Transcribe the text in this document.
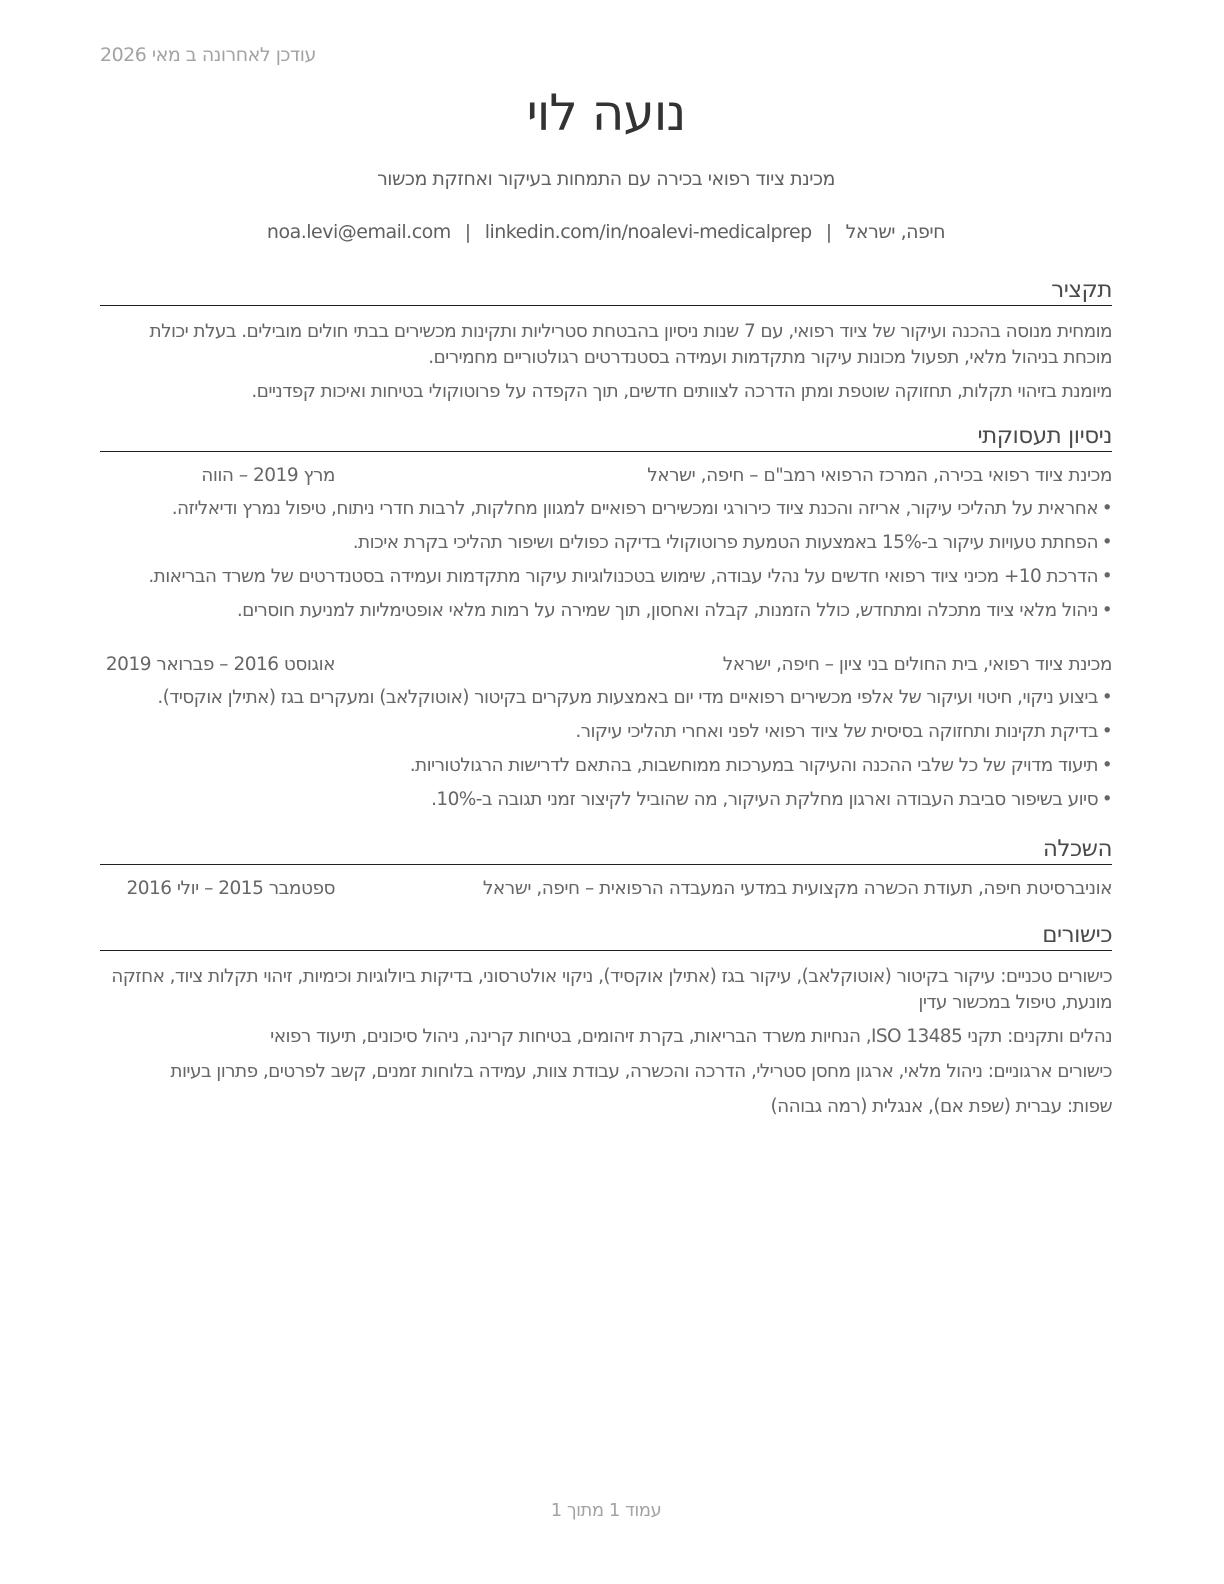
עודכן לאחרונה ב מאי 2026
נועה לוי
מכינת ציוד רפואי בכירה עם התמחות בעיקור ואחזקת מכשור
חיפה, ישראל|noa.levi@email.com | linkedin.com/in/noalevi-medicalprep
תקציר
מומחית מנוסה בהכנה ועיקור של ציוד רפואי, עם 7 שנות ניסיון בהבטחת סטריליות ותקינות מכשירים בבתי חולים מובילים. בעלת יכולת מוכחת בניהול מלאי, תפעול מכונות עיקור מתקדמות ועמידה בסטנדרטים רגולטוריים מחמירים.
מיומנת בזיהוי תקלות, תחזוקה שוטפת ומתן הדרכה לצוותים חדשים, תוך הקפדה על פרוטוקולי בטיחות ואיכות קפדניים.
ניסיון תעסוקתי
מכינת ציוד רפואי בכירה, המרכז הרפואי רמב"ם – חיפה, ישראל
מרץ 2019 – הווה
•
אחראית על תהליכי עיקור, אריזה והכנת ציוד כירורגי ומכשירים רפואיים למגוון מחלקות, לרבות חדרי ניתוח, טיפול נמרץ ודיאליזה.
•
הפחתת טעויות עיקור ב-15% באמצעות הטמעת פרוטוקולי בדיקה כפולים ושיפור תהליכי בקרת איכות.
•
הדרכת 10+ מכיני ציוד רפואי חדשים על נהלי עבודה, שימוש בטכנולוגיות עיקור מתקדמות ועמידה בסטנדרטים של משרד הבריאות.
•
ניהול מלאי ציוד מתכלה ומתחדש, כולל הזמנות, קבלה ואחסון, תוך שמירה על רמות מלאי אופטימליות למניעת חוסרים.
מכינת ציוד רפואי, בית החולים בני ציון – חיפה, ישראל
אוגוסט 2016 – פברואר 2019
•
ביצוע ניקוי, חיטוי ועיקור של אלפי מכשירים רפואיים מדי יום באמצעות מעקרים בקיטור (אוטוקלאב) ומעקרים בגז (אתילן אוקסיד).
•
בדיקת תקינות ותחזוקה בסיסית של ציוד רפואי לפני ואחרי תהליכי עיקור.
•
תיעוד מדויק של כל שלבי ההכנה והעיקור במערכות ממוחשבות, בהתאם לדרישות הרגולטוריות.
•
סיוע בשיפור סביבת העבודה וארגון מחלקת העיקור, מה שהוביל לקיצור זמני תגובה ב-10%.
השכלה
אוניברסיטת חיפה, תעודת הכשרה מקצועית במדעי המעבדה הרפואית – חיפה, ישראל
ספטמבר 2015 – יולי 2016
כישורים
כישורים טכניים: עיקור בקיטור (אוטוקלאב), עיקור בגז (אתילן אוקסיד), ניקוי אולטרסוני, בדיקות ביולוגיות וכימיות, זיהוי תקלות ציוד, אחזקה מונעת, טיפול במכשור עדין
נהלים ותקנים: תקני ISO 13485, הנחיות משרד הבריאות, בקרת זיהומים, בטיחות קרינה, ניהול סיכונים, תיעוד רפואי
כישורים ארגוניים: ניהול מלאי, ארגון מחסן סטרילי, הדרכה והכשרה, עבודת צוות, עמידה בלוחות זמנים, קשב לפרטים, פתרון בעיות
שפות: עברית (שפת אם), אנגלית (רמה גבוהה)
עמוד 1 מתוך 1
